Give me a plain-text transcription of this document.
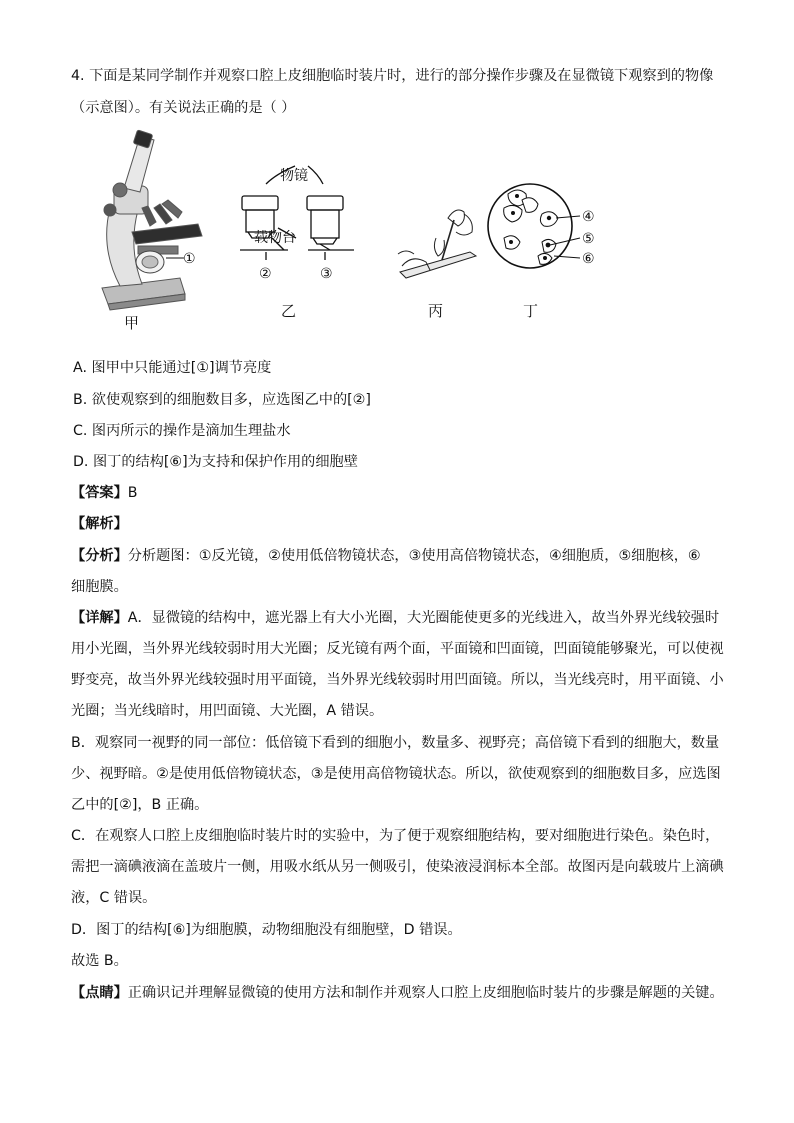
4. 下面是某同学制作并观察口腔上皮细胞临时装片时，进行的部分操作步骤及在显微镜下观察到的物像
（示意图）。有关说法正确的是（ ）
①
甲
物镜
载物台
②	③
乙	丙
④
⑤
⑥
丁
A. 图甲中只能通过[①]调节亮度
B. 欲使观察到的细胞数目多，应选图乙中的[②]
C. 图丙所示的操作是滴加生理盐水
D. 图丁的结构[⑥]为支持和保护作用的细胞壁
【答案】B
【解析】
【分析】分析题图：①反光镜，②使用低倍物镜状态，③使用高倍物镜状态，④细胞质，⑤细胞核，⑥
细胞膜。
【详解】A．显微镜的结构中，遮光器上有大小光圈，大光圈能使更多的光线进入，故当外界光线较强时
用小光圈，当外界光线较弱时用大光圈；反光镜有两个面，平面镜和凹面镜，凹面镜能够聚光，可以使视
野变亮，故当外界光线较强时用平面镜，当外界光线较弱时用凹面镜。所以，当光线亮时，用平面镜、小
光圈；当光线暗时，用凹面镜、大光圈，A 错误。
B．观察同一视野的同一部位：低倍镜下看到的细胞小，数量多、视野亮；高倍镜下看到的细胞大，数量
少、视野暗。②是使用低倍物镜状态，③是使用高倍物镜状态。所以，欲使观察到的细胞数目多，应选图
乙中的[②]，B 正确。
C．在观察人口腔上皮细胞临时装片时的实验中，为了便于观察细胞结构，要对细胞进行染色。染色时，
需把一滴碘液滴在盖玻片一侧，用吸水纸从另一侧吸引，使染液浸润标本全部。故图丙是向载玻片上滴碘
液，C 错误。
D．图丁的结构[⑥]为细胞膜，动物细胞没有细胞壁，D 错误。
故选 B。
【点睛】正确识记并理解显微镜的使用方法和制作并观察人口腔上皮细胞临时装片的步骤是解题的关键。
